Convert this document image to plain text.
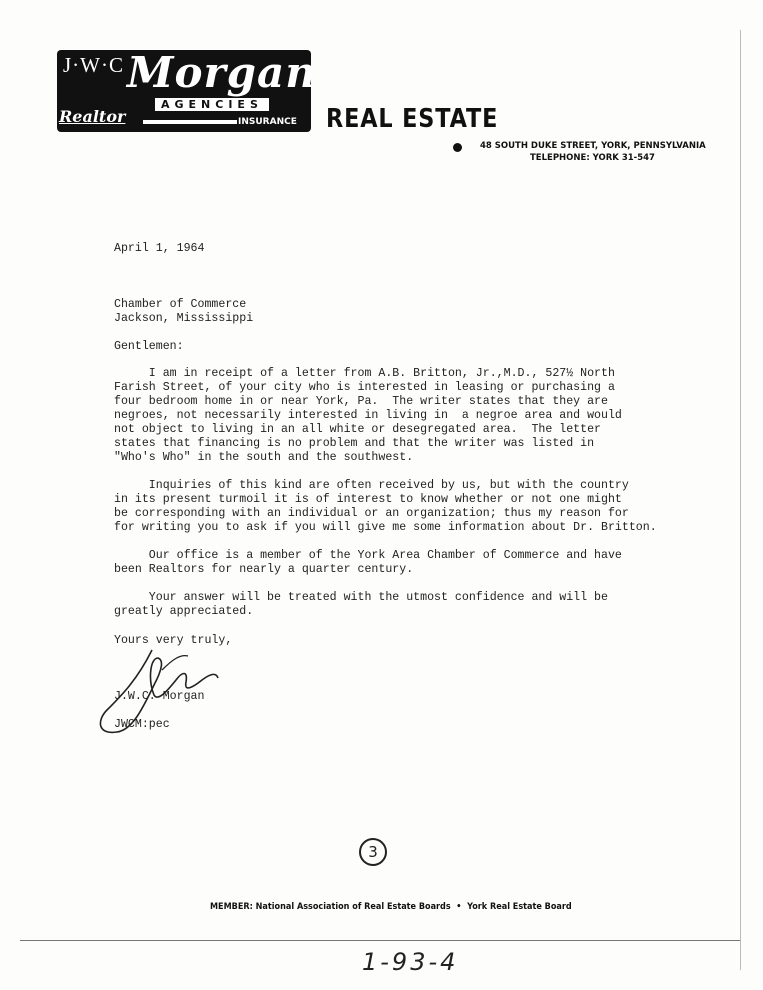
J·W·C Morgan
AGENCIES
Realtor	INSURANCE REAL ESTATE
48 SOUTH DUKE STREET, YORK, PENNSYLVANIA
TELEPHONE: YORK 31-547
April 1, 1964
Chamber of Commerce
Jackson, Mississippi
Gentlemen:
I am in receipt of a letter from A.B. Britton, Jr.,M.D., 527½ North
Farish Street, of your city who is interested in leasing or purchasing a
four bedroom home in or near York, Pa.  The writer states that they are
negroes, not necessarily interested in living in  a negroe area and would
not object to living in an all white or desegregated area.  The letter
states that financing is no problem and that the writer was listed in
"Who's Who" in the south and the southwest.
Inquiries of this kind are often received by us, but with the country
in its present turmoil it is of interest to know whether or not one might
be corresponding with an individual or an organization; thus my reason for
for writing you to ask if you will give me some information about Dr. Britton.
Our office is a member of the York Area Chamber of Commerce and have
been Realtors for nearly a quarter century.
Your answer will be treated with the utmost confidence and will be
greatly appreciated.
Yours very truly,
J.W.C. Morgan
JWCM:pec
3
MEMBER: National Association of Real Estate Boards  •  York Real Estate Board
1-93-4
